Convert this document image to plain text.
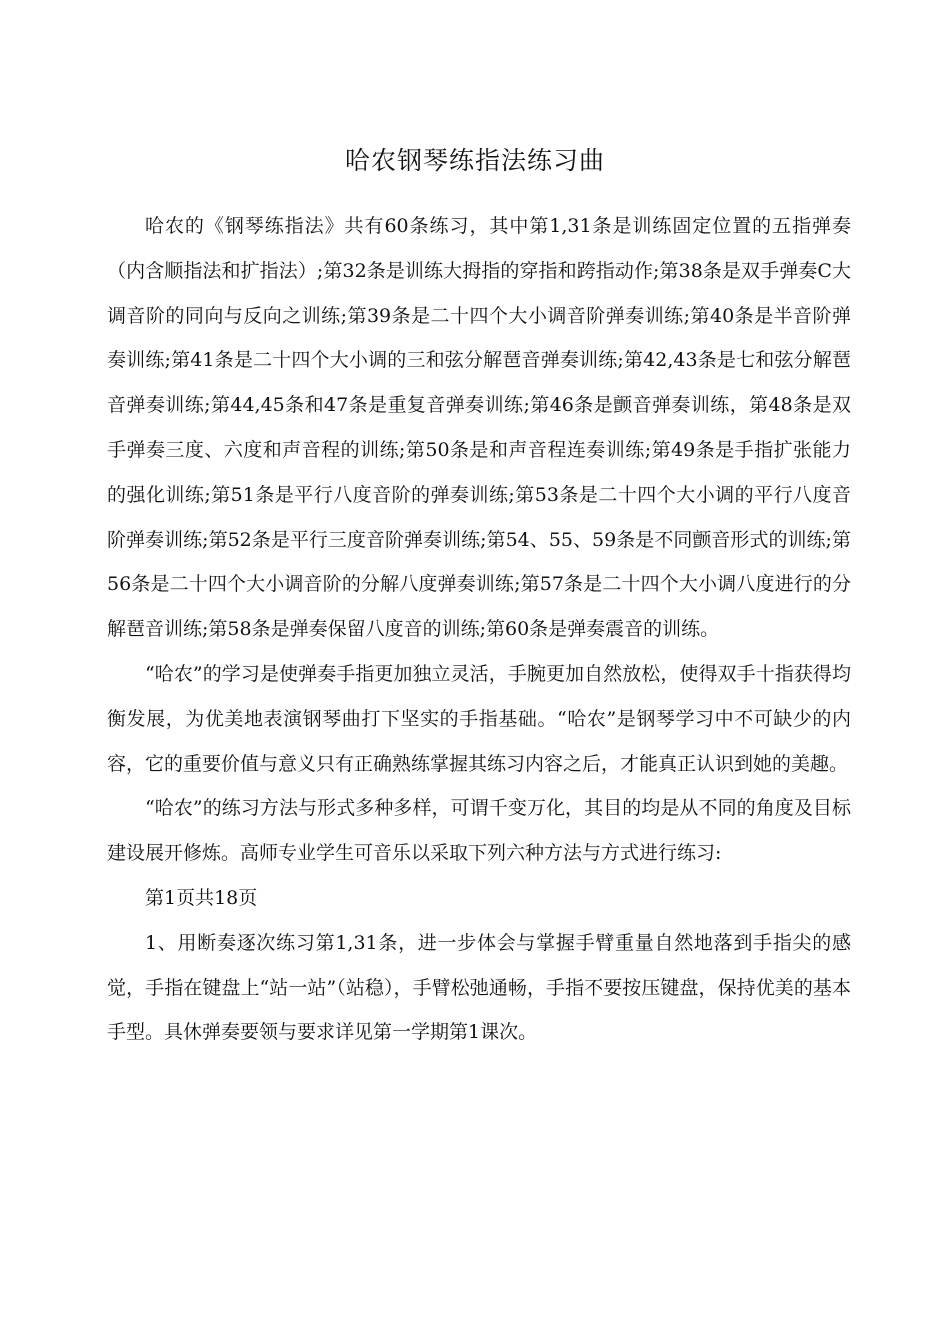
哈农钢琴练指法练习曲

哈农的《钢琴练指法》共有60条练习，其中第1,31条是训练固定位置的五指弹奏（内含顺指法和扩指法）;第32条是训练大拇指的穿指和跨指动作;第38条是双手弹奏C大调音阶的同向与反向之训练;第39条是二十四个大小调音阶弹奏训练;第40条是半音阶弹奏训练;第41条是二十四个大小调的三和弦分解琶音弹奏训练;第42,43条是七和弦分解琶音弹奏训练;第44,45条和47条是重复音弹奏训练;第46条是颤音弹奏训练，第48条是双手弹奏三度、六度和声音程的训练;第50条是和声音程连奏训练;第49条是手指扩张能力的强化训练;第51条是平行八度音阶的弹奏训练;第53条是二十四个大小调的平行八度音阶弹奏训练;第52条是平行三度音阶弹奏训练;第54、55、59条是不同颤音形式的训练;第56条是二十四个大小调音阶的分解八度弹奏训练;第57条是二十四个大小调八度进行的分解琶音训练;第58条是弹奏保留八度音的训练;第60条是弹奏震音的训练。

“哈农”的学习是使弹奏手指更加独立灵活，手腕更加自然放松，使得双手十指获得均衡发展，为优美地表演钢琴曲打下坚实的手指基础。“哈农”是钢琴学习中不可缺少的内容，它的重要价值与意义只有正确熟练掌握其练习内容之后，才能真正认识到她的美趣。

“哈农”的练习方法与形式多种多样，可谓千变万化，其目的均是从不同的角度及目标建设展开修炼。高师专业学生可音乐以采取下列六种方法与方式进行练习:

第1页共18页

1、用断奏逐次练习第1,31条，进一步体会与掌握手臂重量自然地落到手指尖的感觉，手指在键盘上“站一站”（站稳），手臂松弛通畅，手指不要按压键盘，保持优美的基本手型。具休弹奏要领与要求详见第一学期第1课次。
